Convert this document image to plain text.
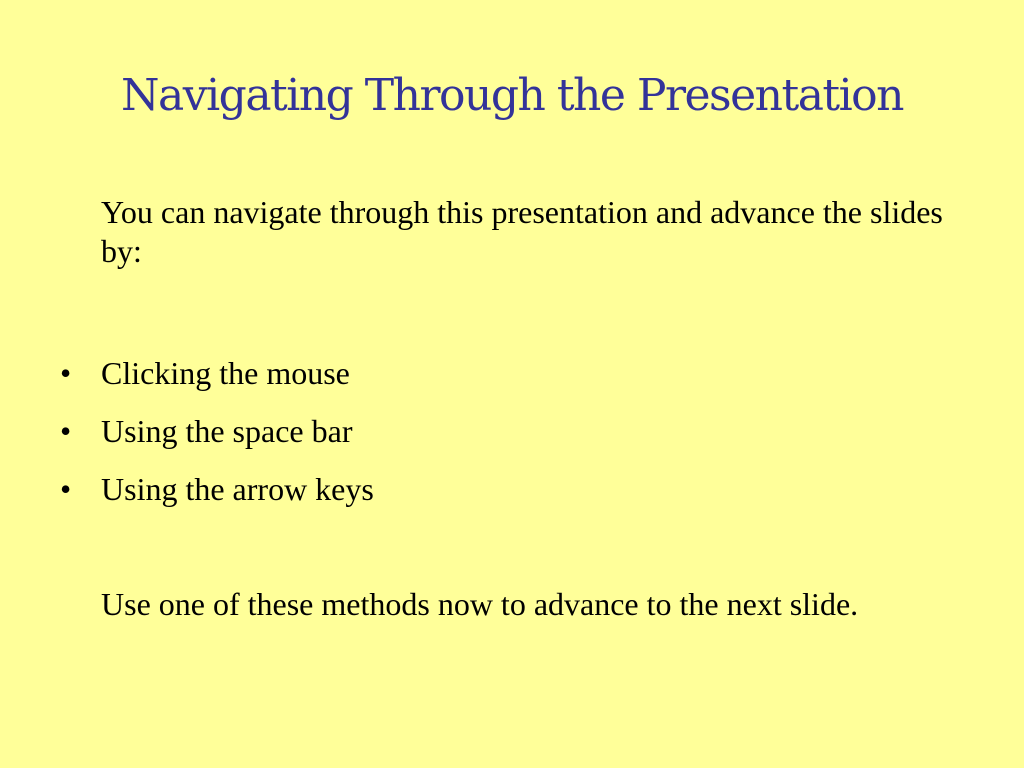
Navigating Through the Presentation

You can navigate through this presentation and advance the slides by:

• Clicking the mouse
• Using the space bar
• Using the arrow keys

Use one of these methods now to advance to the next slide.
